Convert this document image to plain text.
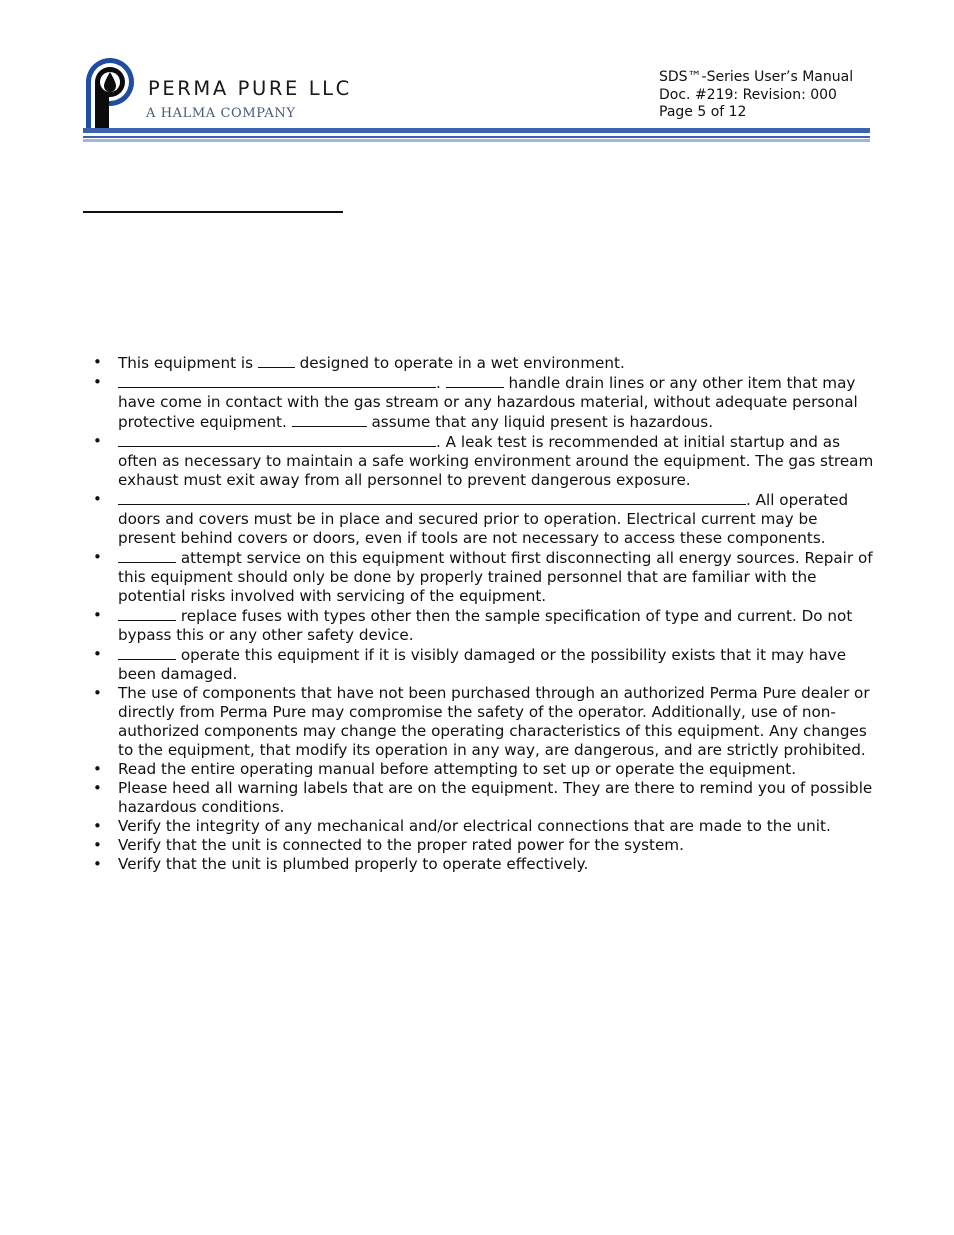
PERMA PURE LLC
A HALMA COMPANY
SDS™-Series User’s Manual
Doc. #219: Revision: 000
Page 5 of 12
• This equipment is  designed to operate in a wet environment.
•	.	handle drain lines or any other item that may have come in contact with the gas stream or any hazardous material, without adequate personal protective equipment.	assume that any liquid present is hazardous.
•	. A leak test is recommended at initial startup and as often as necessary to maintain a safe working environment around the equipment. The gas stream exhaust must exit away from all personnel to prevent dangerous exposure.
•	. All operated doors and covers must be in place and secured prior to operation. Electrical current may be present behind covers or doors, even if tools are not necessary to access these components.
•	attempt service on this equipment without first disconnecting all energy sources. Repair of this equipment should only be done by properly trained personnel that are familiar with the potential risks involved with servicing of the equipment.
•	replace fuses with types other then the sample specification of type and current. Do not bypass this or any other safety device.
•	operate this equipment if it is visibly damaged or the possibility exists that it may have been damaged.
• The use of components that have not been purchased through an authorized Perma Pure dealer or directly from Perma Pure may compromise the safety of the operator. Additionally, use of non-authorized components may change the operating characteristics of this equipment. Any changes to the equipment, that modify its operation in any way, are dangerous, and are strictly prohibited.
• Read the entire operating manual before attempting to set up or operate the equipment.
• Please heed all warning labels that are on the equipment. They are there to remind you of possible hazardous conditions.
• Verify the integrity of any mechanical and/or electrical connections that are made to the unit.
• Verify that the unit is connected to the proper rated power for the system.
• Verify that the unit is plumbed properly to operate effectively.
